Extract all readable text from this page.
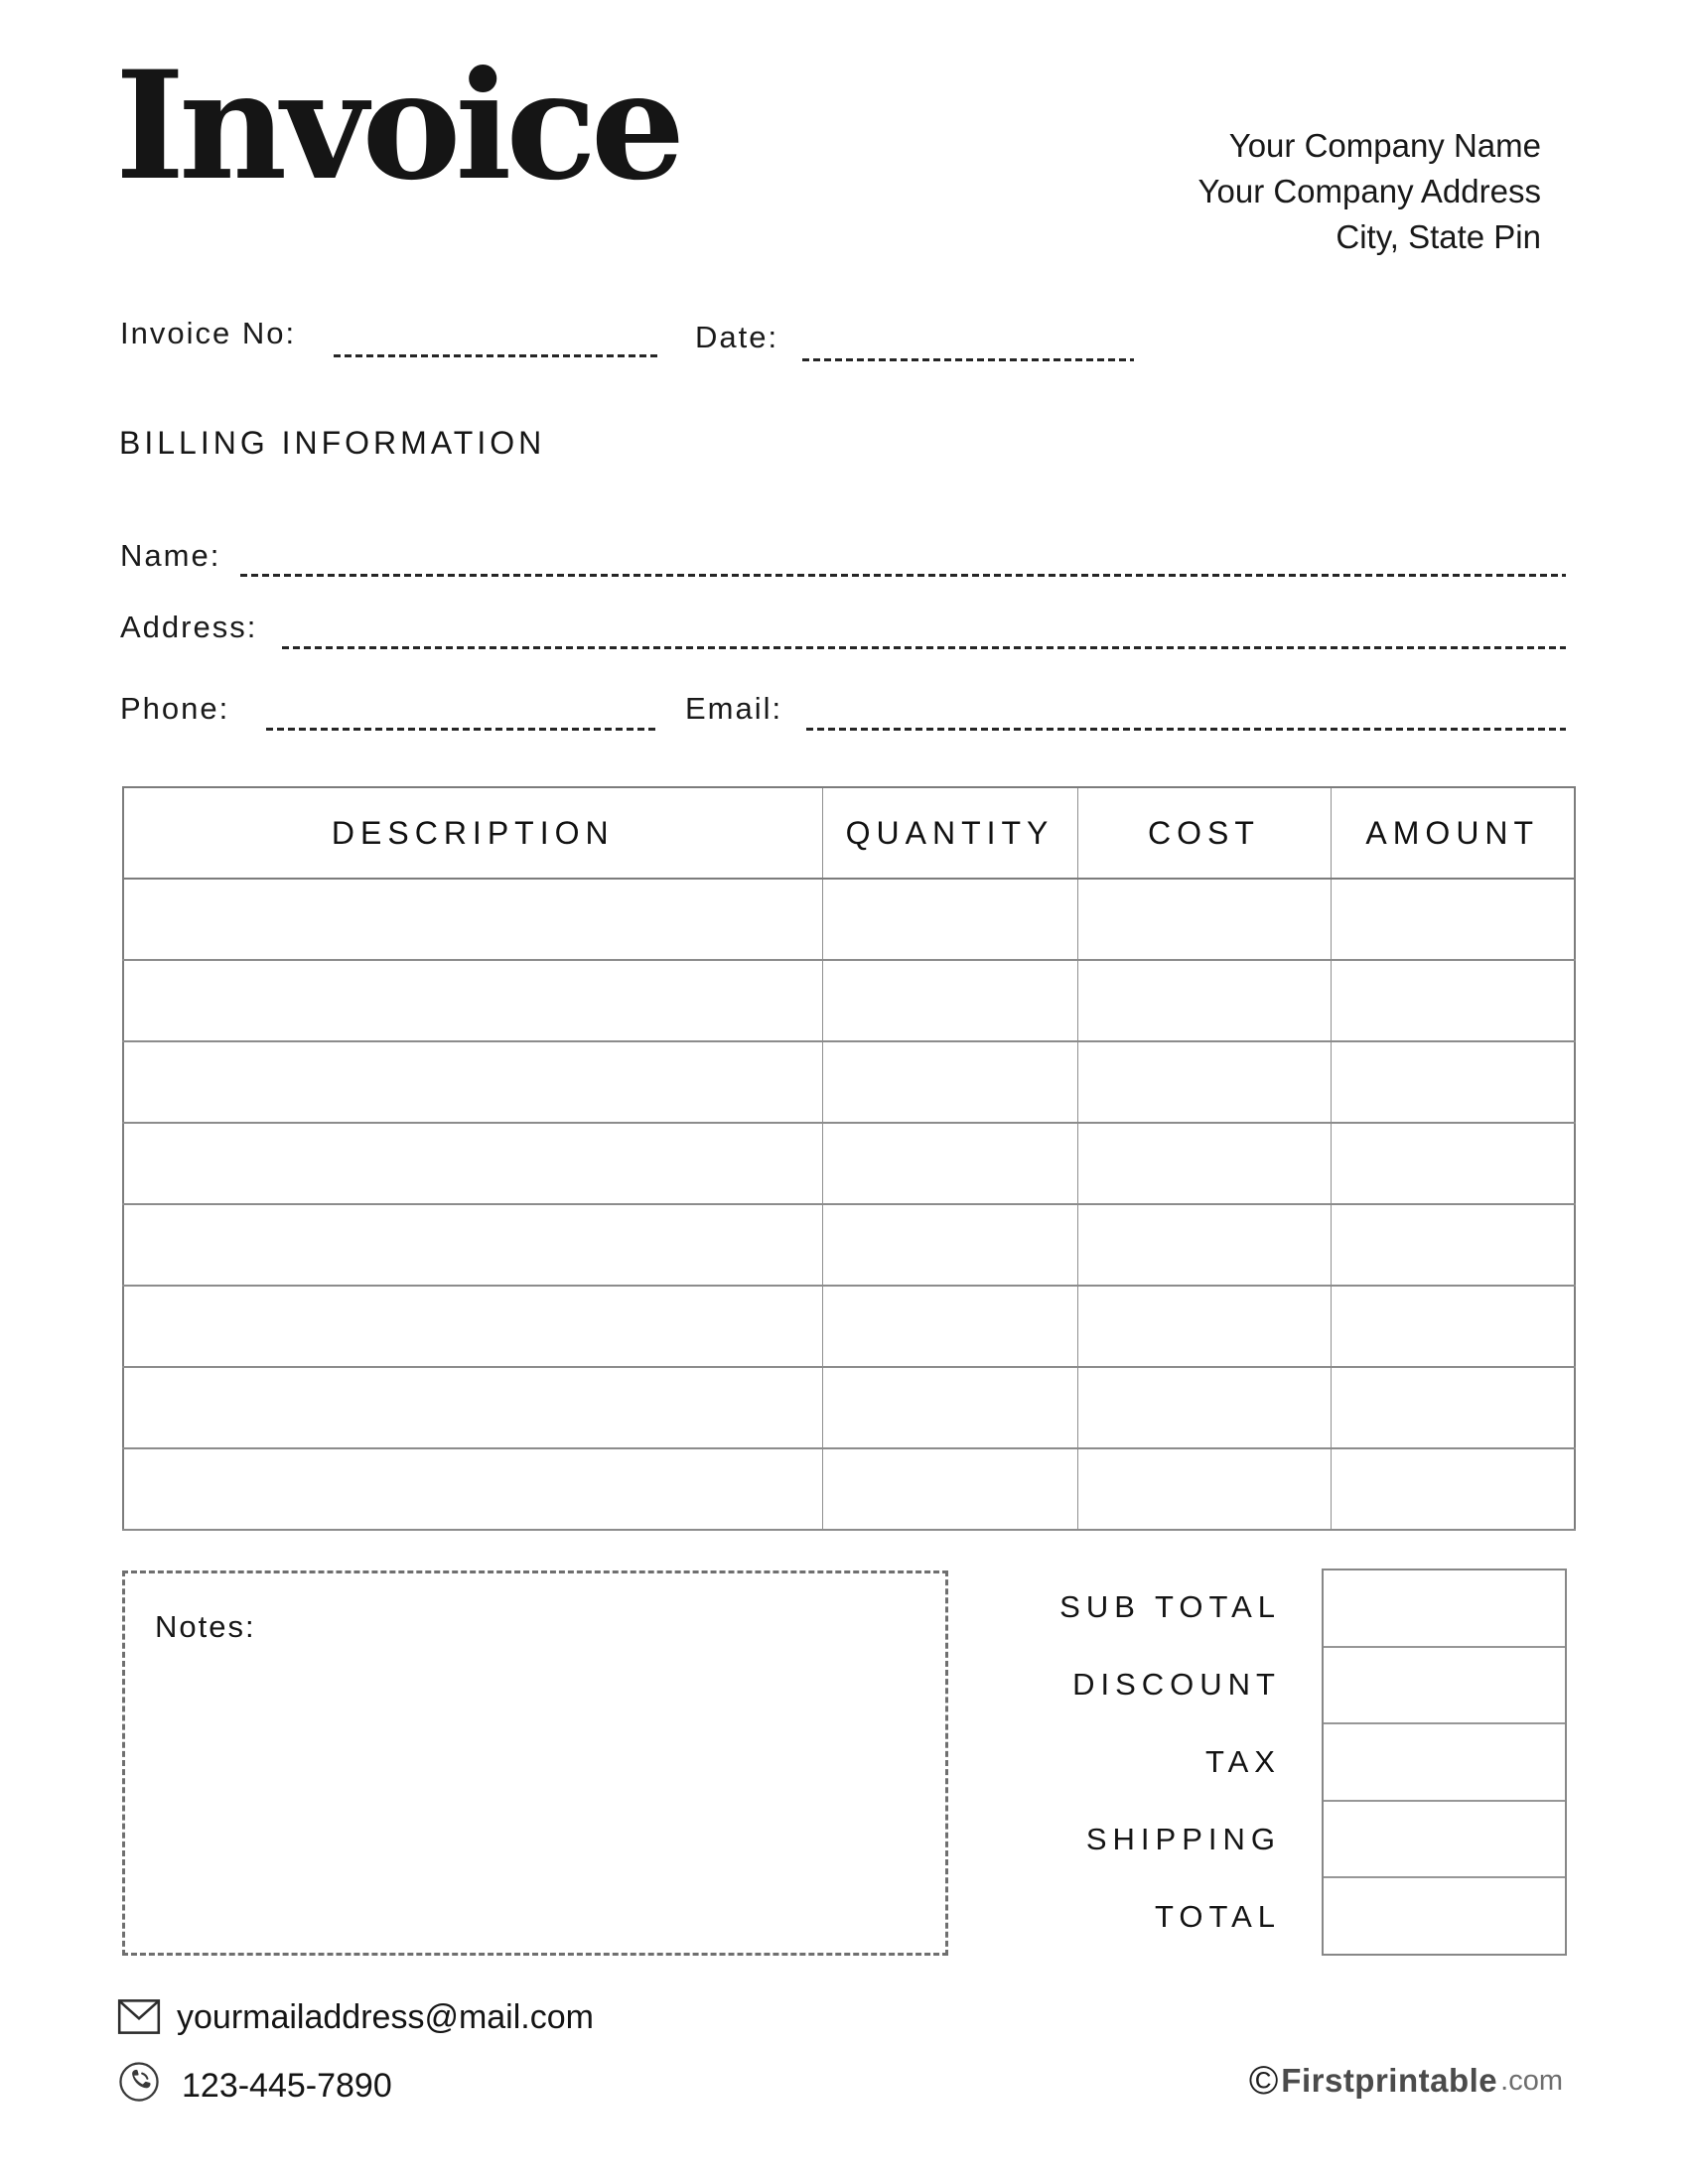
Invoice	Your Company Name
Your Company Address
City, State Pin
Invoice No:	Date:
BILLING INFORMATION
Name:
Address:
Phone:	Email:
DESCRIPTION	QUANTITY	COST	AMOUNT

Notes:
SUB TOTAL
DISCOUNT
TAX
SHIPPING
TOTAL
yourmailaddress@mail.com
123-445-7890	© Firstprintable .com
